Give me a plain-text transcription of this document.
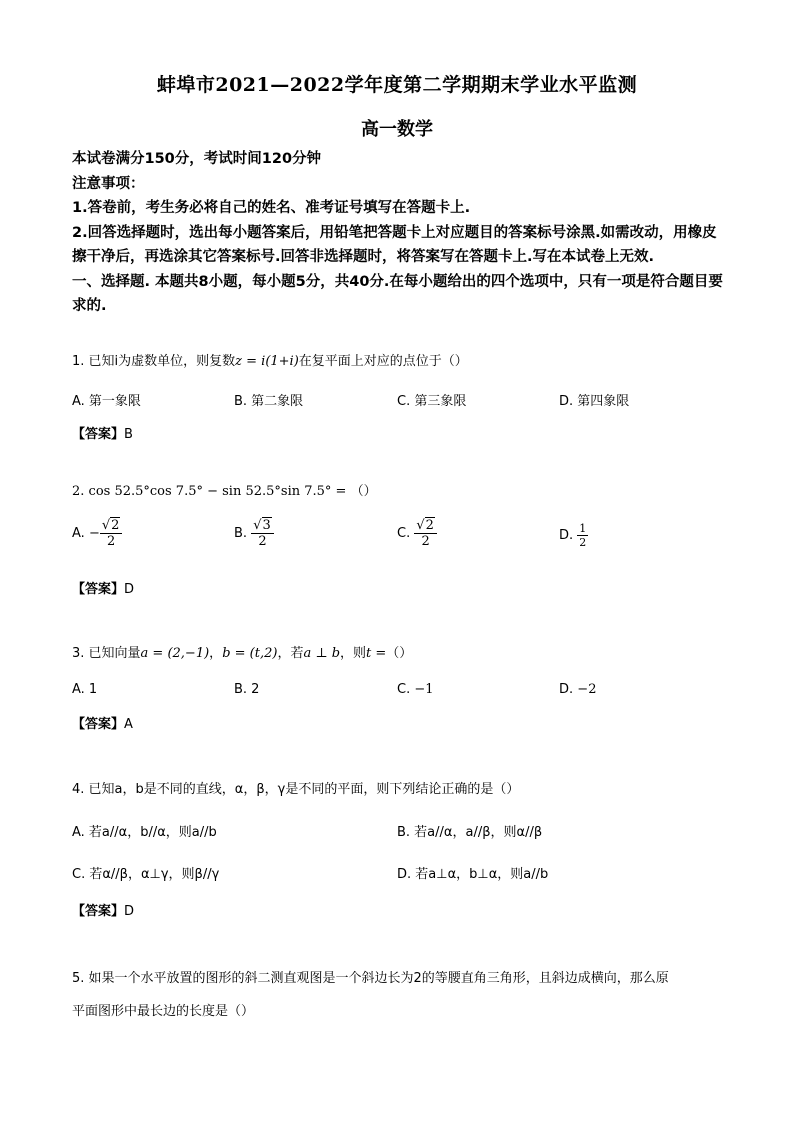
蚌埠市2021—2022学年度第二学期期末学业水平监测
高一数学

本试卷满分150分，考试时间120分钟

注意事项：

1.答卷前，考生务必将自己的姓名、准考证号填写在答题卡上.

2.回答选择题时，选出每小题答案后，用铅笔把答题卡上对应题目的答案标号涂黑.如需改动，用橡皮擦干净后，再选涂其它答案标号.回答非选择题时，将答案写在答题卡上.写在本试卷上无效.

一、选择题. 本题共8小题，每小题5分，共40分.在每小题给出的四个选项中，只有一项是符合题目要求的.

1. 已知i为虚数单位，则复数z = i(1+i)在复平面上对应的点位于（）
A. 第一象限	B. 第二象限	C. 第三象限	D. 第四象限
【答案】B
2. cos 52.5°cos 7.5° − sin 52.5°sin 7.5° = （）
A. − $\frac{√2}{2}$	B. $\frac{√3}{2}$	C. $\frac{√2}{2}$	D. $\frac{1}{2}$
【答案】D
3. 已知向量a = (2,−1)，b = (t,2)，若a ⊥ b，则t =（）
A. 1	B. 2	C. −1	D. −2
【答案】A
4. 已知a，b是不同的直线，α，β，γ是不同的平面，则下列结论正确的是（）
A. 若a//α，b//α，则a//b	B. 若a//α，a//β，则α//β
C. 若α//β，α⊥γ，则β//γ	D. 若a⊥α，b⊥α，则a//b
【答案】D
5. 如果一个水平放置的图形的斜二测直观图是一个斜边长为2的等腰直角三角形，且斜边成横向，那么原
平面图形中最长边的长度是（）
